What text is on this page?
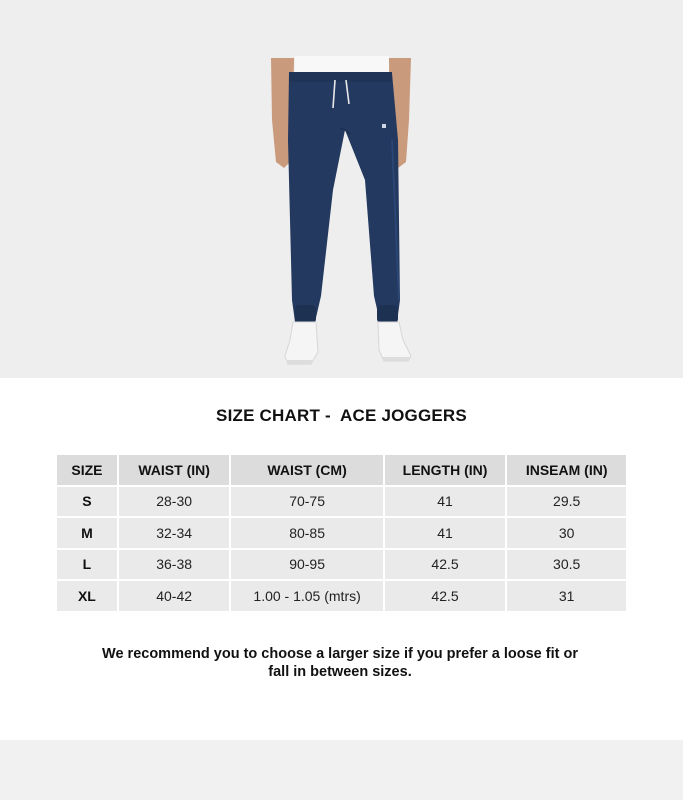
SIZE CHART -  ACE JOGGERS
SIZE	WAIST (IN)	WAIST (CM)	LENGTH (IN)	INSEAM (IN)
S	28-30	70-75	41	29.5
M	32-34	80-85	41	30
L	36-38	90-95	42.5	30.5
XL	40-42	1.00 - 1.05 (mtrs)	42.5	31
We recommend you to choose a larger size if you prefer a loose fit or
fall in between sizes.
